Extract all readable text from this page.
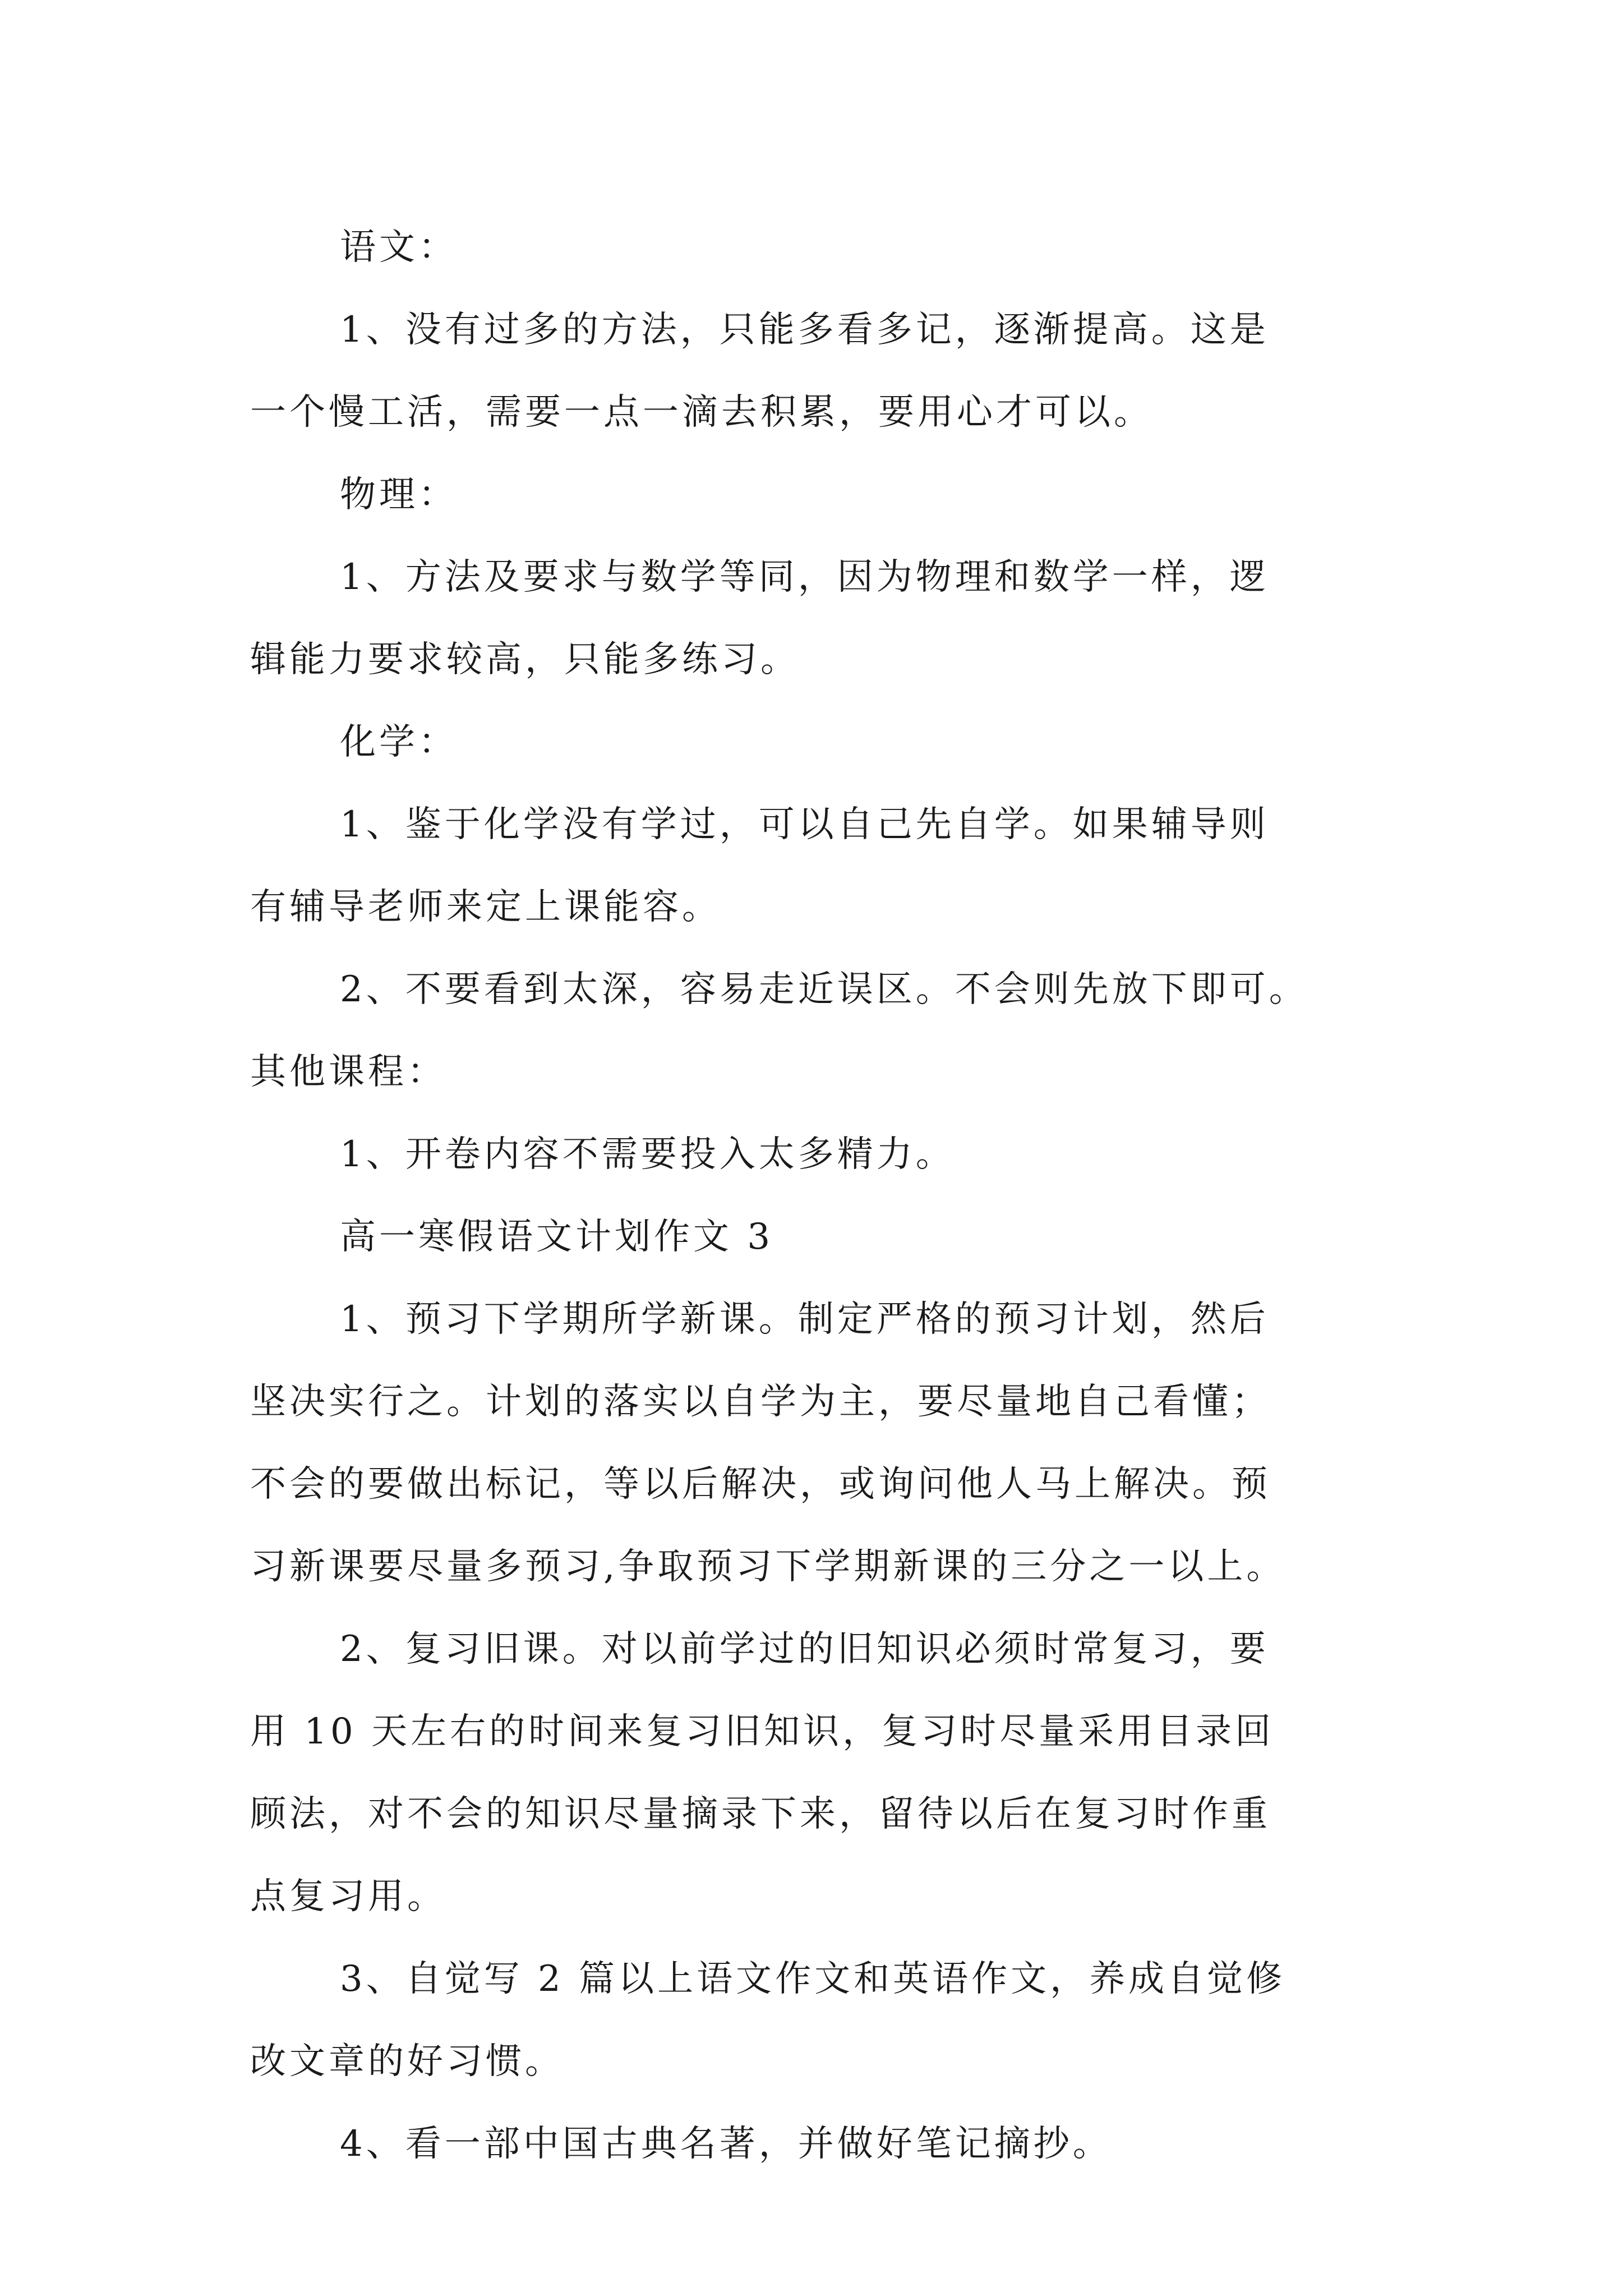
语文：
1、没有过多的方法，只能多看多记，逐渐提高。这是
一个慢工活，需要一点一滴去积累，要用心才可以。
物理：
1、方法及要求与数学等同，因为物理和数学一样，逻
辑能力要求较高，只能多练习。
化学：
1、鉴于化学没有学过，可以自己先自学。如果辅导则
有辅导老师来定上课能容。
2、不要看到太深，容易走近误区。不会则先放下即可。
其他课程：
1、开卷内容不需要投入太多精力。
高一寒假语文计划作文 3
1、预习下学期所学新课。制定严格的预习计划，然后
坚决实行之。计划的落实以自学为主，要尽量地自己看懂；
不会的要做出标记，等以后解决，或询问他人马上解决。预
习新课要尽量多预习,争取预习下学期新课的三分之一以上。
2、复习旧课。对以前学过的旧知识必须时常复习，要
用 10 天左右的时间来复习旧知识，复习时尽量采用目录回
顾法，对不会的知识尽量摘录下来，留待以后在复习时作重
点复习用。
3、自觉写 2 篇以上语文作文和英语作文，养成自觉修
改文章的好习惯。
4、看一部中国古典名著，并做好笔记摘抄。
